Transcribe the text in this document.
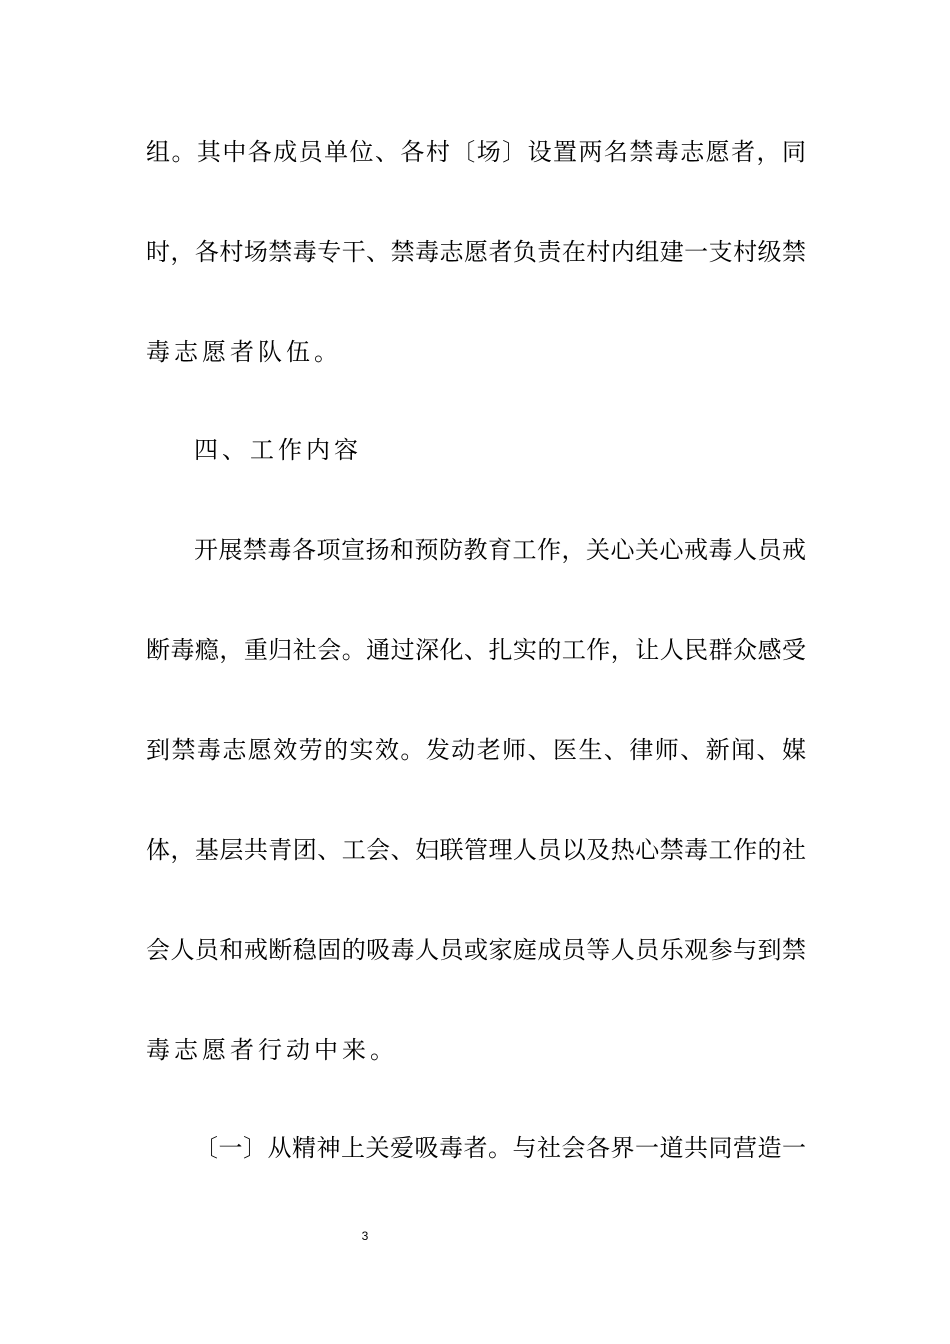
组。其中各成员单位、各村〔场〕设置两名禁毒志愿者，同
时，各村场禁毒专干、禁毒志愿者负责在村内组建一支村级禁
毒志愿者队伍。
四、工作内容
开展禁毒各项宣扬和预防教育工作，关心关心戒毒人员戒
断毒瘾，重归社会。通过深化、扎实的工作，让人民群众感受
到禁毒志愿效劳的实效。发动老师、医生、律师、新闻、媒
体，基层共青团、工会、妇联管理人员以及热心禁毒工作的社
会人员和戒断稳固的吸毒人员或家庭成员等人员乐观参与到禁
毒志愿者行动中来。
〔一〕从精神上关爱吸毒者。与社会各界一道共同营造一
3
